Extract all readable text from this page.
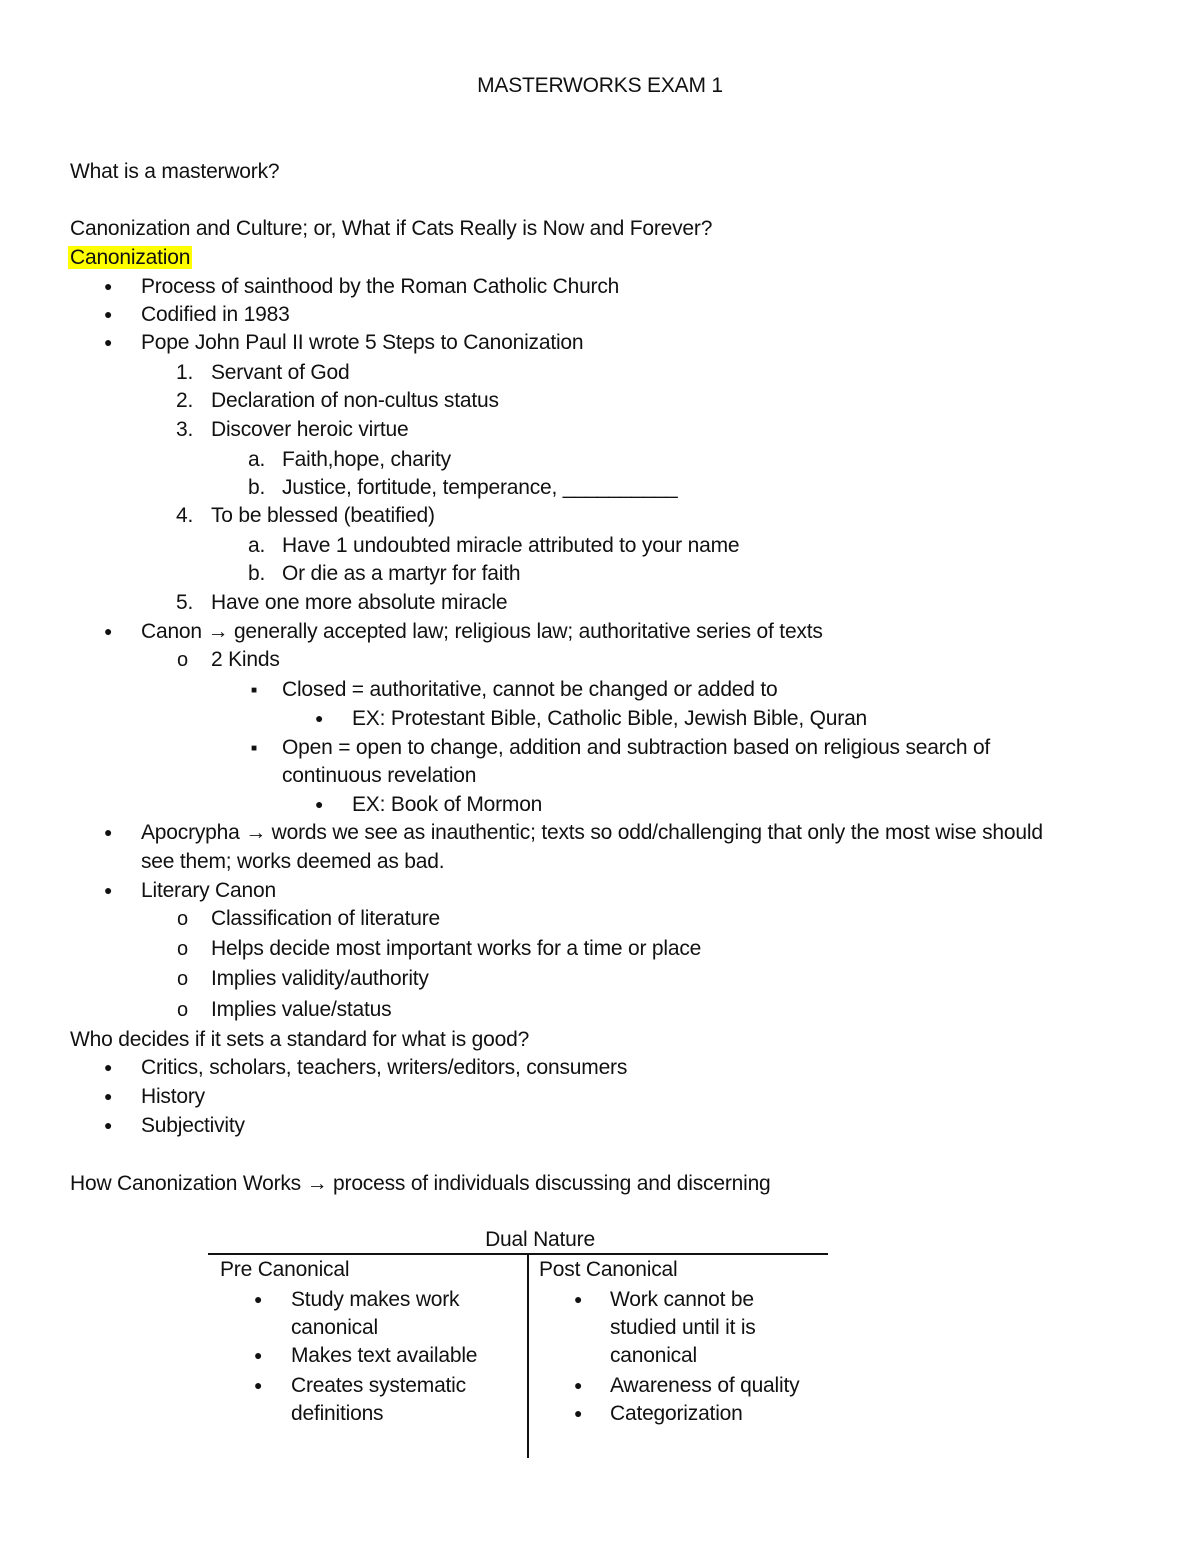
MASTERWORKS EXAM 1
What is a masterwork?
Canonization and Culture; or, What if Cats Really is Now and Forever?
Canonization
●
Process of sainthood by the Roman Catholic Church
●
Codified in 1983
●
Pope John Paul II wrote 5 Steps to Canonization
1. Servant of God
2. Declaration of non-cultus status
3. Discover heroic virtue
a. Faith,hope, charity
b. Justice, fortitude, temperance, __________
4. To be blessed (beatified)
a. Have 1 undoubted miracle attributed to your name
b. Or die as a martyr for faith
5. Have one more absolute miracle
●
Canon → generally accepted law; religious law; authoritative series of texts
o
2 Kinds
■
Closed = authoritative, cannot be changed or added to
●
EX: Protestant Bible, Catholic Bible, Jewish Bible, Quran
■
Open = open to change, addition and subtraction based on religious search of
continuous revelation
●
EX: Book of Mormon
●
Apocrypha → words we see as inauthentic; texts so odd/challenging that only the most wise should
see them; works deemed as bad.
●
Literary Canon
o
Classification of literature
o
Helps decide most important works for a time or place
o
Implies validity/authority
o
Implies value/status
Who decides if it sets a standard for what is good?
●
Critics, scholars, teachers, writers/editors, consumers
●
History
●
Subjectivity
How Canonization Works → process of individuals discussing and discerning
Dual Nature
Pre Canonical	Post Canonical
●
Study makes work
canonical
●
Makes text available
●
Creates systematic
definitions
●
Work cannot be
studied until it is
canonical
●
Awareness of quality
●
Categorization
